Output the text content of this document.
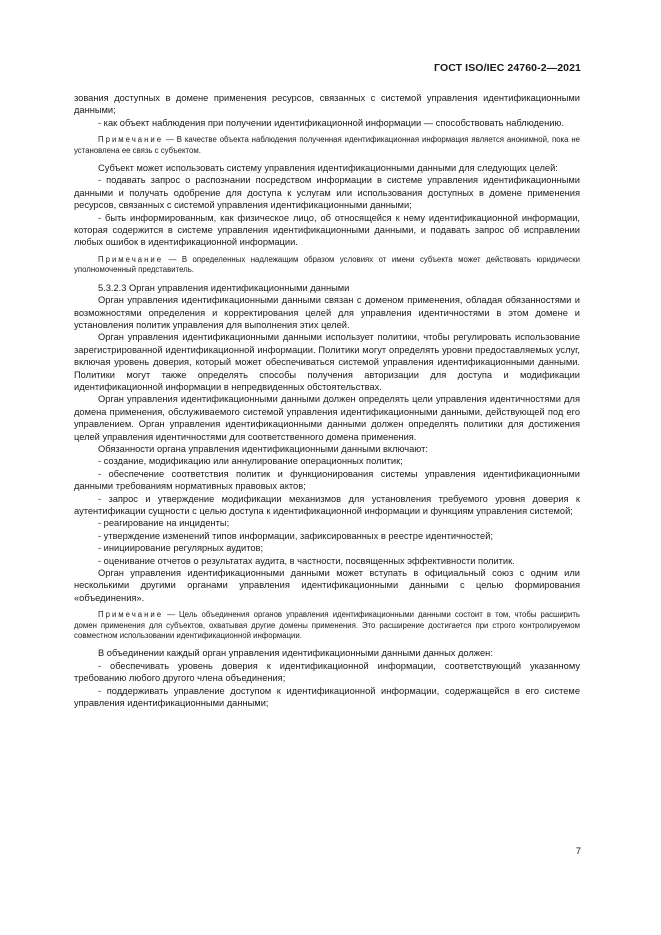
ГОСТ ISO/IEC 24760-2—2021

зования доступных в домене применения ресурсов, связанных с системой управления идентификационными данными;

- как объект наблюдения при получении идентификационной информации — способствовать наблюдению.

Примечание — В качестве объекта наблюдения полученная идентификационная информация является анонимной, пока не установлена ее связь с субъектом.

Субъект может использовать систему управления идентификационными данными для следующих целей:

- подавать запрос о распознании посредством информации в системе управления идентификационными данными и получать одобрение для доступа к услугам или использования доступных в домене применения ресурсов, связанных с системой управления идентификационными данными;

- быть информированным, как физическое лицо, об относящейся к нему идентификационной информации, которая содержится в системе управления идентификационными данными, и подавать запрос об исправлении любых ошибок в идентификационной информации.

Примечание — В определенных надлежащим образом условиях от имени субъекта может действовать юридически уполномоченный представитель.

5.3.2.3 Орган управления идентификационными данными

Орган управления идентификационными данными связан с доменом применения, обладая обязанностями и возможностями определения и корректирования целей для управления идентичностями в этом домене и установления политик управления для выполнения этих целей.

Орган управления идентификационными данными использует политики, чтобы регулировать использование зарегистрированной идентификационной информации. Политики могут определять уровни предоставляемых услуг, включая уровень доверия, который может обеспечиваться системой управления идентификационными данными. Политики могут также определять способы получения авторизации для доступа и модификации идентификационной информации в непредвиденных обстоятельствах.

Орган управления идентификационными данными должен определять цели управления идентичностями для домена применения, обслуживаемого системой управления идентификационными данными, действующей под его управлением. Орган управления идентификационными данными должен определять политики для достижения целей управления идентичностями для соответственного домена применения.

Обязанности органа управления идентификационными данными включают:

- создание, модификацию или аннулирование операционных политик;

- обеспечение соответствия политик и функционирования системы управления идентификационными данными требованиям нормативных правовых актов;

- запрос и утверждение модификации механизмов для установления требуемого уровня доверия к аутентификации сущности с целью доступа к идентификационной информации и функциям управления системой;

- реагирование на инциденты;

- утверждение изменений типов информации, зафиксированных в реестре идентичностей;

- инициирование регулярных аудитов;

- оценивание отчетов о результатах аудита, в частности, посвященных эффективности политик.

Орган управления идентификационными данными может вступать в официальный союз с одним или несколькими другими органами управления идентификационными данными с целью формирования «объединения».

Примечание — Цель объединения органов управления идентификационными данными состоит в том, чтобы расширить домен применения для субъектов, охватывая другие домены применения. Это расширение достигается при строго контролируемом совместном использовании идентификационной информации.

В объединении каждый орган управления идентификационными данными данных должен:

- обеспечивать уровень доверия к идентификационной информации, соответствующий указанному требованию любого другого члена объединения;

- поддерживать управление доступом к идентификационной информации, содержащейся в его системе управления идентификационными данными;

7
